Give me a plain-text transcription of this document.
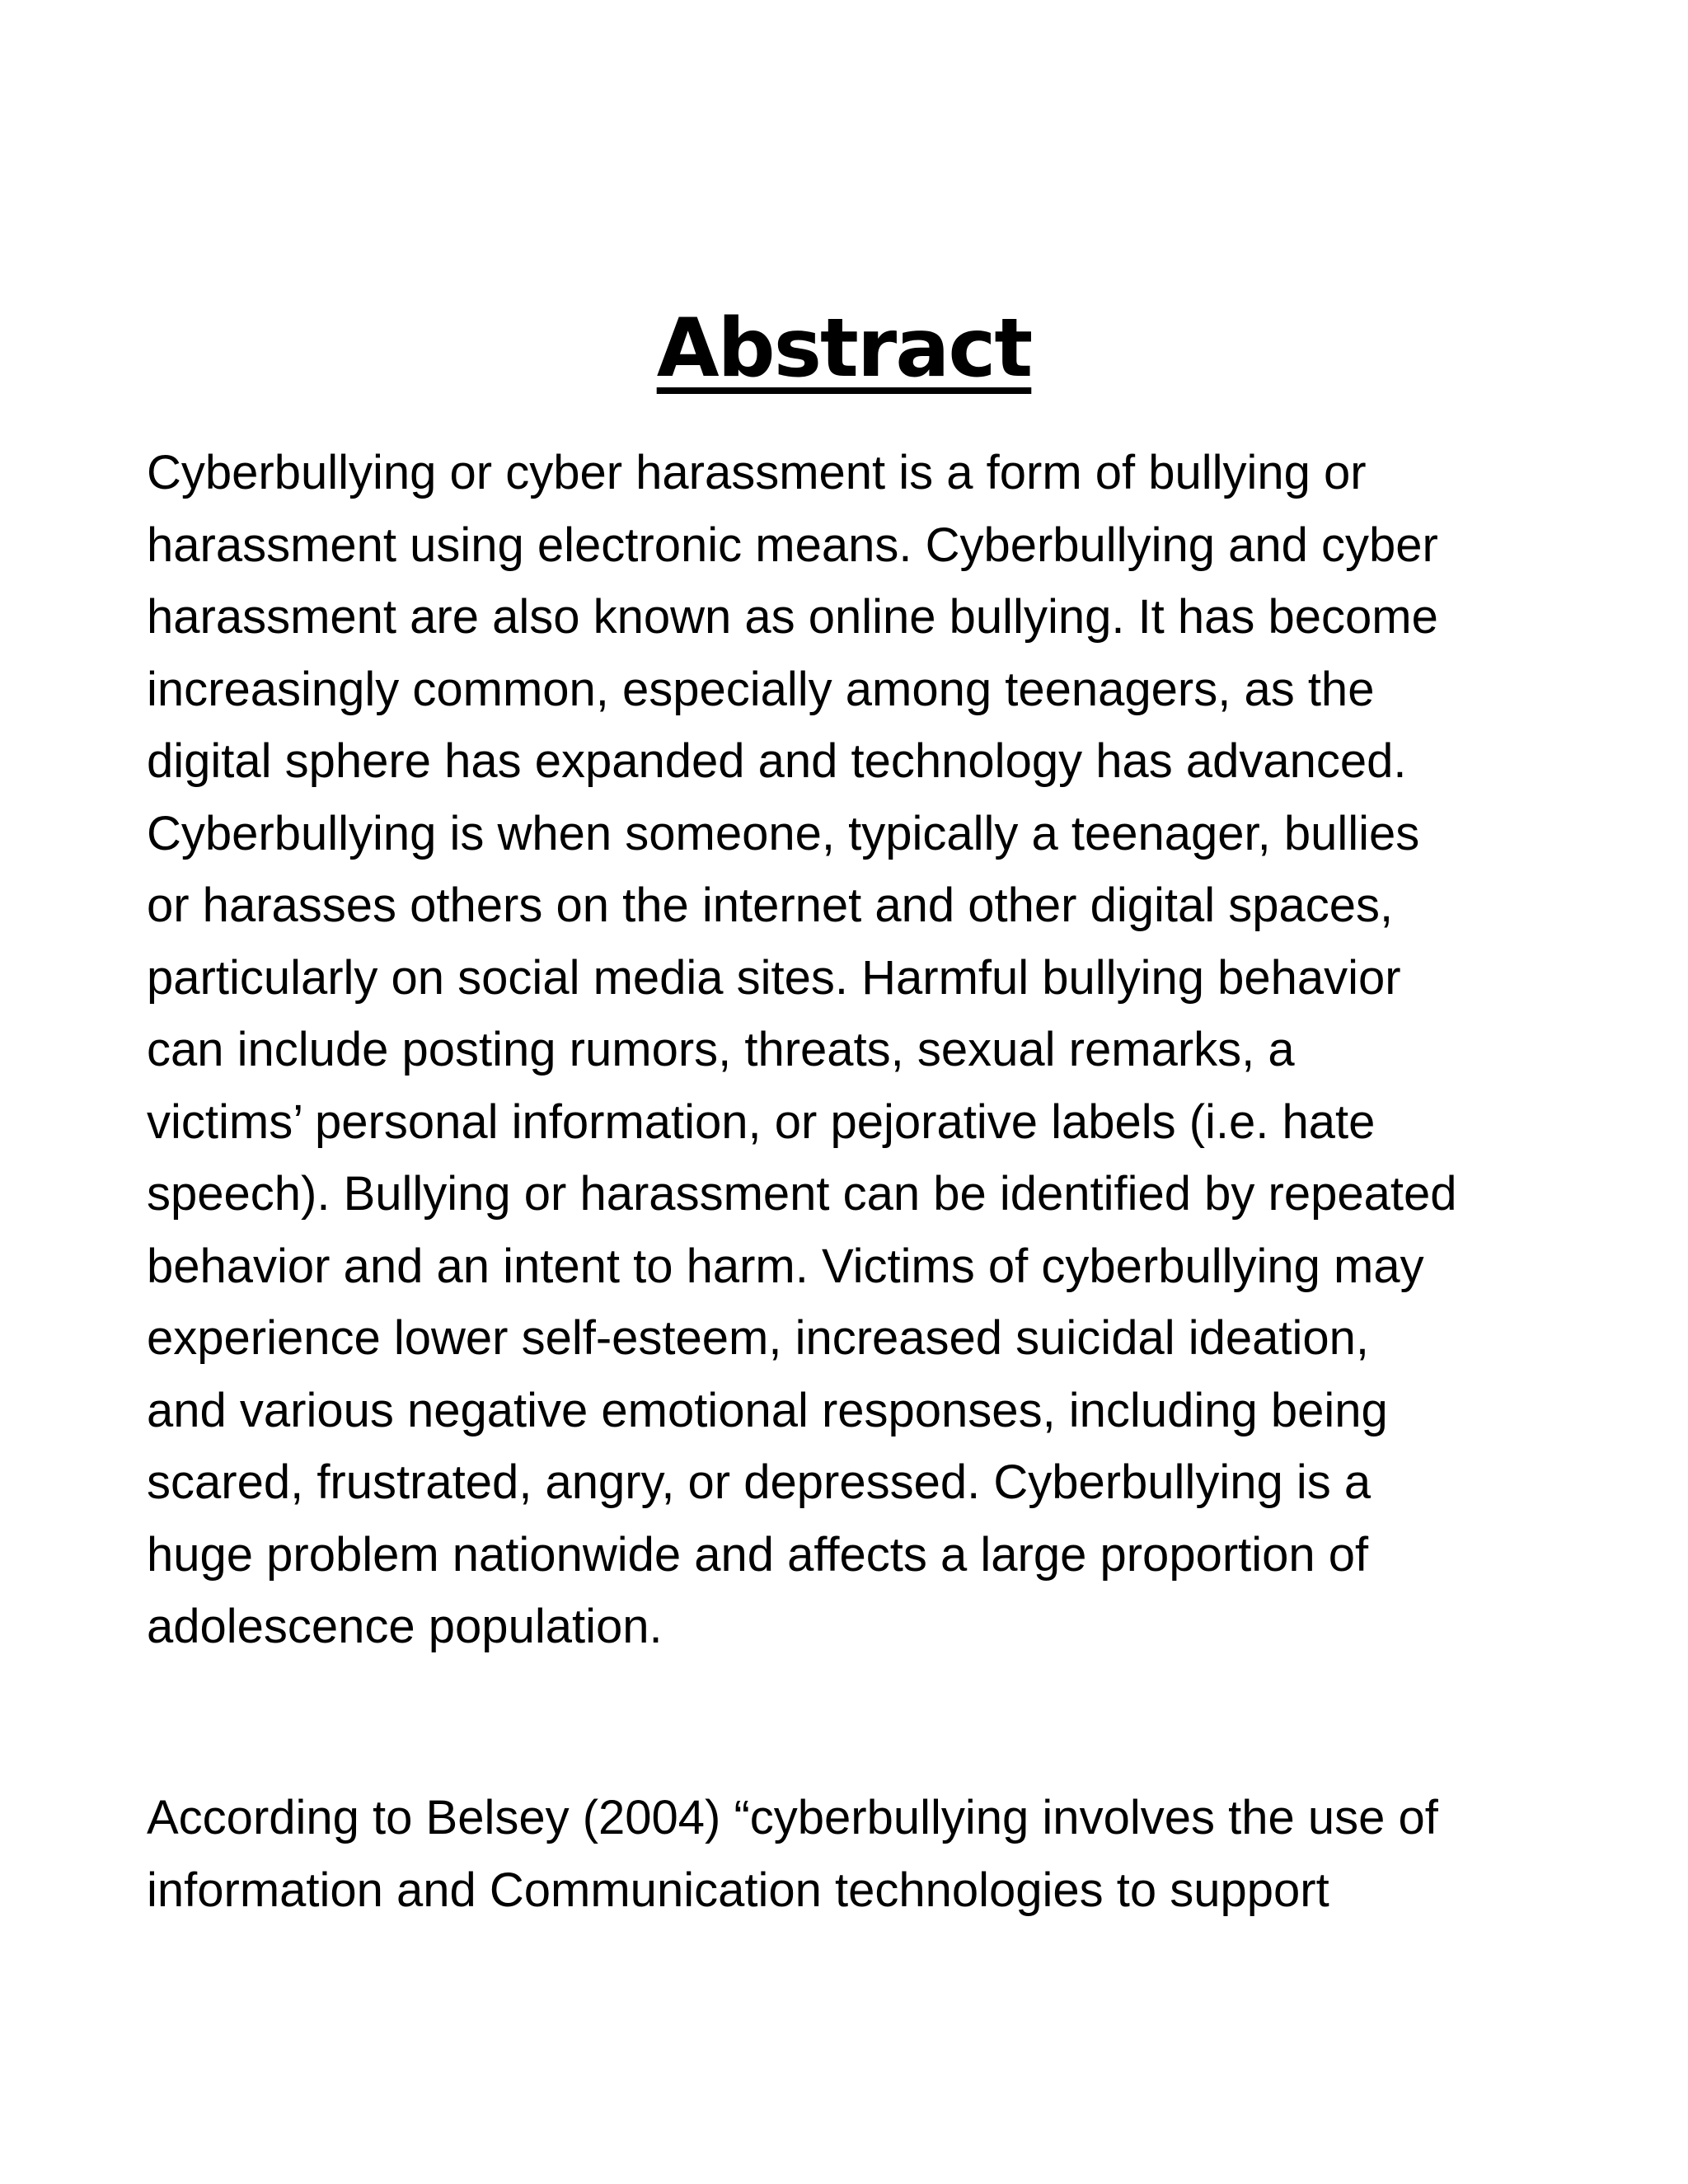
Abstract

Cyberbullying or cyber harassment is a form of bullying or
harassment using electronic means. Cyberbullying and cyber
harassment are also known as online bullying. It has become
increasingly common, especially among teenagers, as the
digital sphere has expanded and technology has advanced.
Cyberbullying is when someone, typically a teenager, bullies
or harasses others on the internet and other digital spaces,
particularly on social media sites. Harmful bullying behavior
can include posting rumors, threats, sexual remarks, a
victims’ personal information, or pejorative labels (i.e. hate
speech). Bullying or harassment can be identified by repeated
behavior and an intent to harm. Victims of cyberbullying may
experience lower self-esteem, increased suicidal ideation,
and various negative emotional responses, including being
scared, frustrated, angry, or depressed. Cyberbullying is a
huge problem nationwide and affects a large proportion of
adolescence population.

According to Belsey (2004) “cyberbullying involves the use of
information and Communication technologies to support
